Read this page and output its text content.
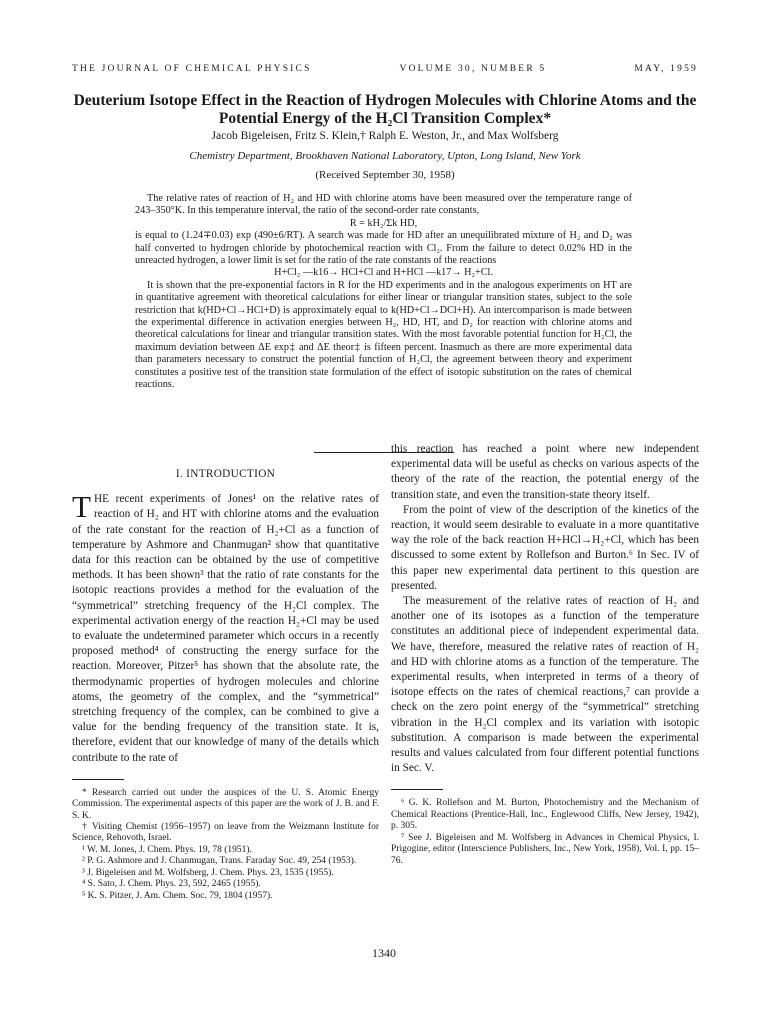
THE JOURNAL OF CHEMICAL PHYSICS	VOLUME 30, NUMBER 5	MAY, 1959
Deuterium Isotope Effect in the Reaction of Hydrogen Molecules with Chlorine Atoms and the Potential Energy of the H₂Cl Transition Complex*
Jacob Bigeleisen, Fritz S. Klein,† Ralph E. Weston, Jr., and Max Wolfsberg
Chemistry Department, Brookhaven National Laboratory, Upton, Long Island, New York
(Received September 30, 1958)

The relative rates of reaction of H₂ and HD with chlorine atoms have been measured over the temperature range of 243–350°K. In this temperature interval, the ratio of the second-order rate constants,

R = kH₂/Σk HD,

is equal to (1.24∓0.03) exp (490±6/RT). A search was made for HD after an unequilibrated mixture of H₂ and D₂ was half converted to hydrogen chloride by photochemical reaction with Cl₂. From the failure to detect 0.02% HD in the unreacted hydrogen, a lower limit is set for the ratio of the rate constants of the reactions

H+Cl₂ —k16→ HCl+Cl and H+HCl —k17→ H₂+Cl.

It is shown that the pre-exponential factors in R for the HD experiments and in the analogous experiments on HT are in quantitative agreement with theoretical calculations for either linear or triangular transition states, subject to the sole restriction that k(HD+Cl→HCl+D) is approximately equal to k(HD+Cl→DCl+H). An intercomparison is made between the experimental difference in activation energies between H₂, HD, HT, and D₂ for reaction with chlorine atoms and theoretical calculations for linear and triangular transition states. With the most favorable potential function for H₂Cl, the maximum deviation between ΔE exp‡ and ΔE theor‡ is fifteen percent. Inasmuch as there are more experimental data than parameters necessary to construct the potential function of H₂Cl, the agreement between theory and experiment constitutes a positive test of the transition state formulation of the effect of isotopic substitution on the rates of chemical reactions.

I. INTRODUCTION

THE recent experiments of Jones¹ on the relative rates of reaction of H₂ and HT with chlorine atoms and the evaluation of the rate constant for the reaction of H₂+Cl as a function of temperature by Ashmore and Chanmugan² show that quantitative data for this reaction can be obtained by the use of competitive methods. It has been shown³ that the ratio of rate constants for the isotopic reactions provides a method for the evaluation of the “symmetrical” stretching frequency of the H₂Cl complex. The experimental activation energy of the reaction H₂+Cl may be used to evaluate the undetermined parameter which occurs in a recently proposed method⁴ of constructing the energy surface for the reaction. Moreover, Pitzer⁵ has shown that the absolute rate, the thermodynamic properties of hydrogen molecules and chlorine atoms, the geometry of the complex, and the “symmetrical” stretching frequency of the complex, can be combined to give a value for the bending frequency of the transition state. It is, therefore, evident that our knowledge of many of the details which contribute to the rate of

* Research carried out under the auspices of the U. S. Atomic Energy Commission. The experimental aspects of this paper are the work of J. B. and F. S. K.

† Visiting Chemist (1956–1957) on leave from the Weizmann Institute for Science, Rehovoth, Israel.

¹ W. M. Jones, J. Chem. Phys. 19, 78 (1951).

² P. G. Ashmore and J. Chanmugan, Trans. Faraday Soc. 49, 254 (1953).

³ J. Bigeleisen and M. Wolfsberg, J. Chem. Phys. 23, 1535 (1955).

⁴ S. Sato, J. Chem. Phys. 23, 592, 2465 (1955).

⁵ K. S. Pitzer, J. Am. Chem. Soc. 79, 1804 (1957).

this reaction has reached a point where new independent experimental data will be useful as checks on various aspects of the theory of the rate of the reaction, the potential energy of the transition state, and even the transition-state theory itself.

From the point of view of the description of the kinetics of the reaction, it would seem desirable to evaluate in a more quantitative way the role of the back reaction H+HCl→H₂+Cl, which has been discussed to some extent by Rollefson and Burton.⁶ In Sec. IV of this paper new experimental data pertinent to this question are presented.

The measurement of the relative rates of reaction of H₂ and another one of its isotopes as a function of the temperature constitutes an additional piece of independent experimental data. We have, therefore, measured the relative rates of reaction of H₂ and HD with chlorine atoms as a function of the temperature. The experimental results, when interpreted in terms of a theory of isotope effects on the rates of chemical reactions,⁷ can provide a check on the zero point energy of the “symmetrical” stretching vibration in the H₂Cl complex and its variation with isotopic substitution. A comparison is made between the experimental results and values calculated from four different potential functions in Sec. V.

⁶ G. K. Rollefson and M. Burton, Photochemistry and the Mechanism of Chemical Reactions (Prentice-Hall, Inc., Englewood Cliffs, New Jersey, 1942), p. 305.

⁷ See J. Bigeleisen and M. Wolfsberg in Advances in Chemical Physics, I. Prigogine, editor (Interscience Publishers, Inc., New York, 1958), Vol. I, pp. 15–76.

1340
